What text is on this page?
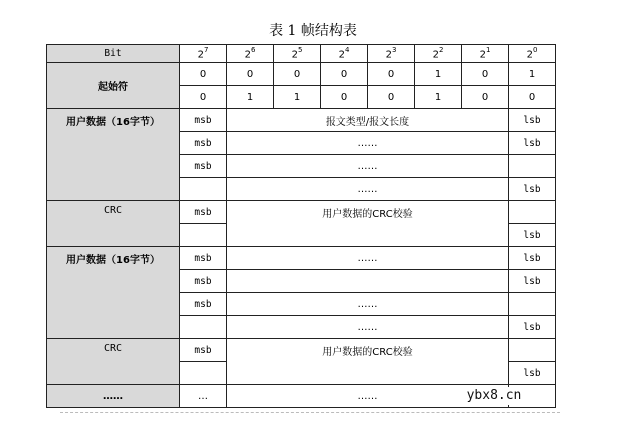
表 1 帧结构表
Bit	$2^7$	$2^6$	$2^5$	$2^4$	$2^3$	$2^2$	$2^1$	$2^0$
起始符	0	0	0	0	0	1	0	1
	0	1	1	0	0	1	0	0
用户数据（16字节）	msb	报文类型/报文长度						lsb
	msb	……						lsb
	msb	……						
		……						lsb
CRC	msb	用户数据的CRC校验						
								lsb
用户数据（16字节）	msb	……						lsb
	msb							lsb
	msb	……						
		……						lsb
CRC	msb	用户数据的CRC校验						
								lsb
……	…	……		ybx8.cn
